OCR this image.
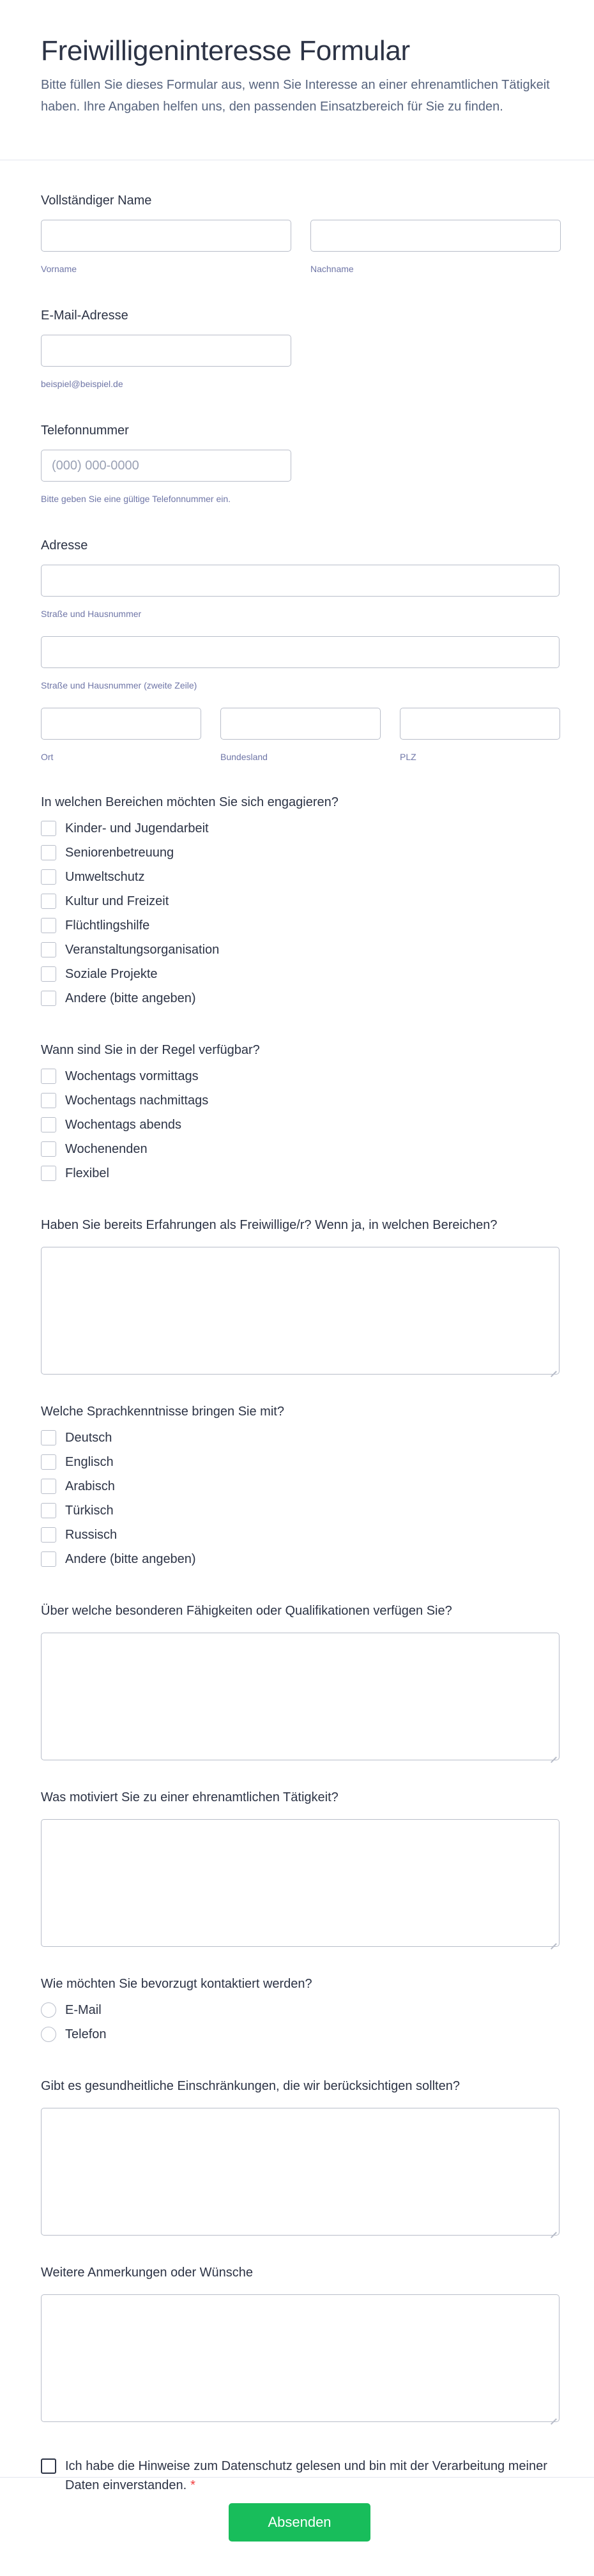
Freiwilligeninteresse Formular

Bitte füllen Sie dieses Formular aus, wenn Sie Interesse an einer ehrenamtlichen Tätigkeit haben. Ihre Angaben helfen uns, den passenden Einsatzbereich für Sie zu finden.

Vollständiger Name
Vorname	Nachname
E-Mail-Adresse
beispiel@beispiel.de
Telefonnummer
(000) 000-0000
Bitte geben Sie eine gültige Telefonnummer ein.
Adresse
Straße und Hausnummer
Straße und Hausnummer (zweite Zeile)
Ort	Bundesland	PLZ
In welchen Bereichen möchten Sie sich engagieren?
Kinder- und Jugendarbeit
Seniorenbetreuung
Umweltschutz
Kultur und Freizeit
Flüchtlingshilfe
Veranstaltungsorganisation
Soziale Projekte
Andere (bitte angeben)
Wann sind Sie in der Regel verfügbar?
Wochentags vormittags
Wochentags nachmittags
Wochentags abends
Wochenenden
Flexibel
Haben Sie bereits Erfahrungen als Freiwillige/r? Wenn ja, in welchen Bereichen?
Welche Sprachkenntnisse bringen Sie mit?
Deutsch
Englisch
Arabisch
Türkisch
Russisch
Andere (bitte angeben)
Über welche besonderen Fähigkeiten oder Qualifikationen verfügen Sie?
Was motiviert Sie zu einer ehrenamtlichen Tätigkeit?
Wie möchten Sie bevorzugt kontaktiert werden?
E-Mail
Telefon
Gibt es gesundheitliche Einschränkungen, die wir berücksichtigen sollten?
Weitere Anmerkungen oder Wünsche
Ich habe die Hinweise zum Datenschutz gelesen und bin mit der Verarbeitung meiner Daten einverstanden. *
Absenden
